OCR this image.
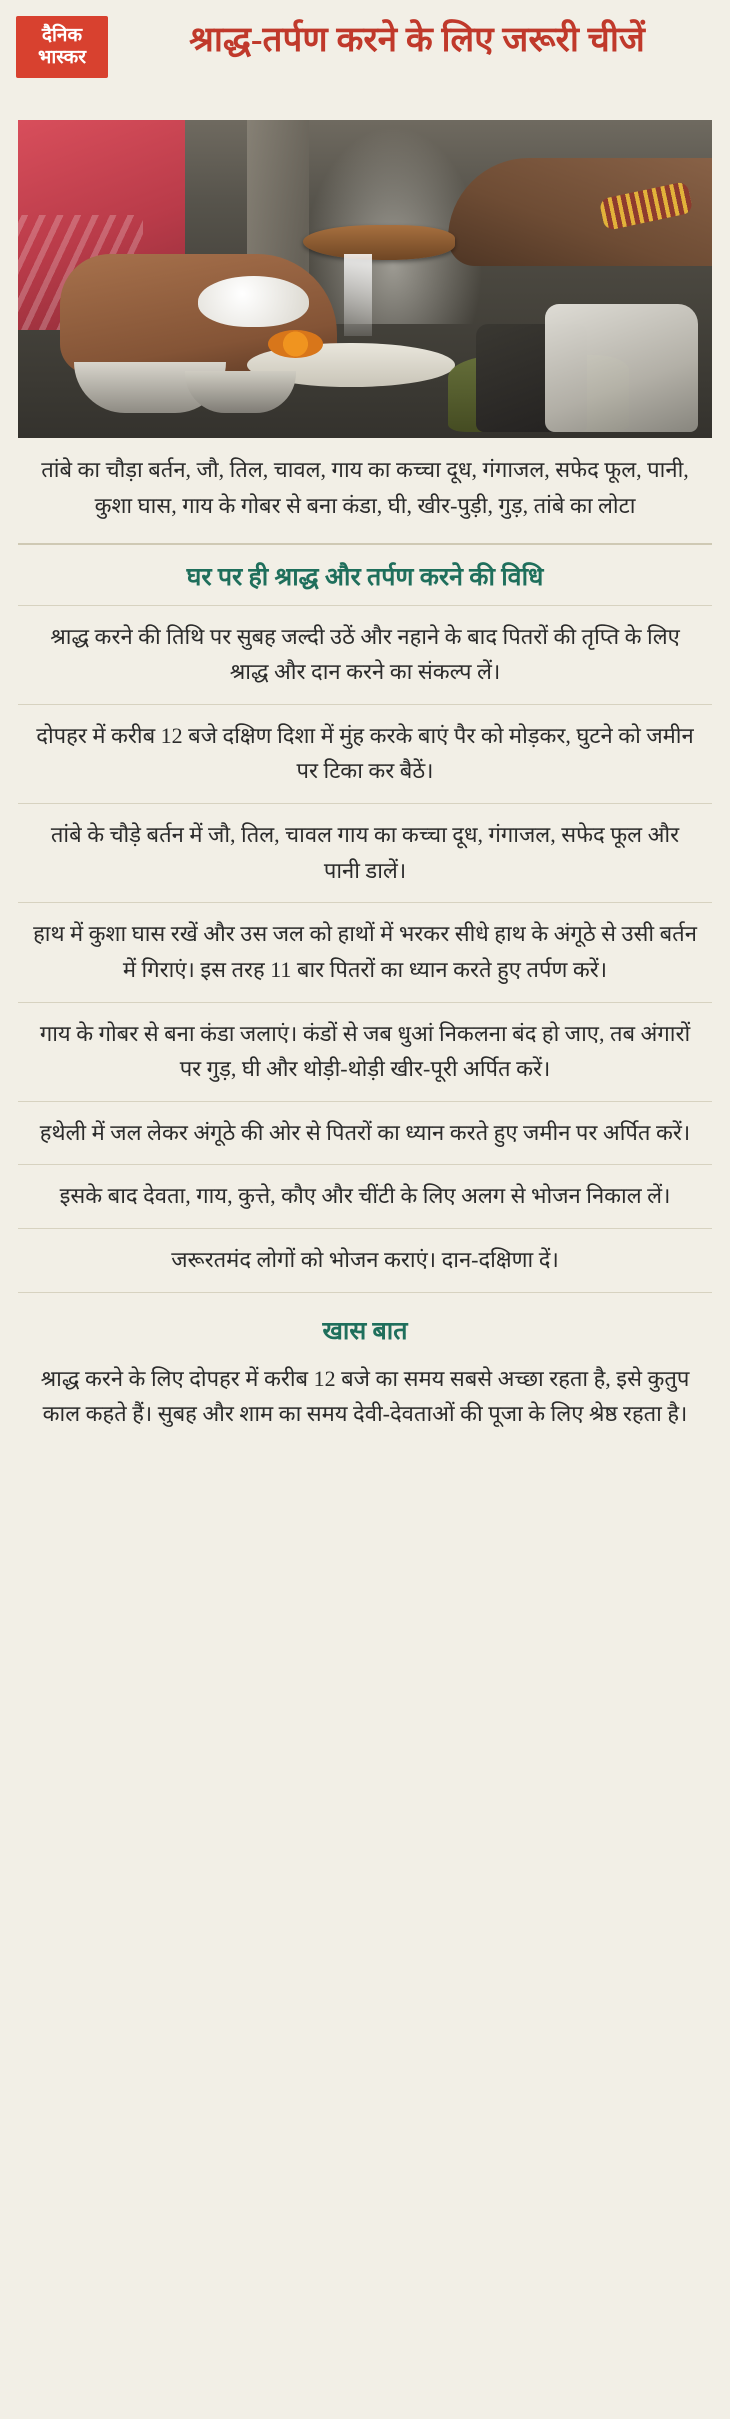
दैनिक
भास्कर	श्राद्ध-तर्पण करने के लिए जरूरी चीजें
तांबे का चौड़ा बर्तन, जौ, तिल, चावल, गाय का कच्चा दूध, गंगाजल, सफेद फूल, पानी, कुशा घास, गाय के गोबर से बना कंडा, घी, खीर-पुड़ी, गुड़, तांबे का लोटा
घर पर ही श्राद्ध और तर्पण करने की विधि
श्राद्ध करने की तिथि पर सुबह जल्दी उठें और नहाने के बाद पितरों की तृप्ति के लिए श्राद्ध और दान करने का संकल्प लें।
दोपहर में करीब 12 बजे दक्षिण दिशा में मुंह करके बाएं पैर को मोड़कर, घुटने को जमीन पर टिका कर बैठें।
तांबे के चौड़े बर्तन में जौ, तिल, चावल गाय का कच्चा दूध, गंगाजल, सफेद फूल और पानी डालें।
हाथ में कुशा घास रखें और उस जल को हाथों में भरकर सीधे हाथ के अंगूठे से उसी बर्तन में गिराएं। इस तरह 11 बार पितरों का ध्यान करते हुए तर्पण करें।
गाय के गोबर से बना कंडा जलाएं। कंडों से जब धुआं निकलना बंद हो जाए, तब अंगारों पर गुड़, घी और थोड़ी-थोड़ी खीर-पूरी अर्पित करें।
हथेली में जल लेकर अंगूठे की ओर से पितरों का ध्यान करते हुए जमीन पर अर्पित करें।
इसके बाद देवता, गाय, कुत्ते, कौए और चींटी के लिए अलग से भोजन निकाल लें।
जरूरतमंद लोगों को भोजन कराएं। दान-दक्षिणा दें।
खास बात
श्राद्ध करने के लिए दोपहर में करीब 12 बजे का समय सबसे अच्छा रहता है, इसे कुतुप काल कहते हैं। सुबह और शाम का समय देवी-देवताओं की पूजा के लिए श्रेष्ठ रहता है।
